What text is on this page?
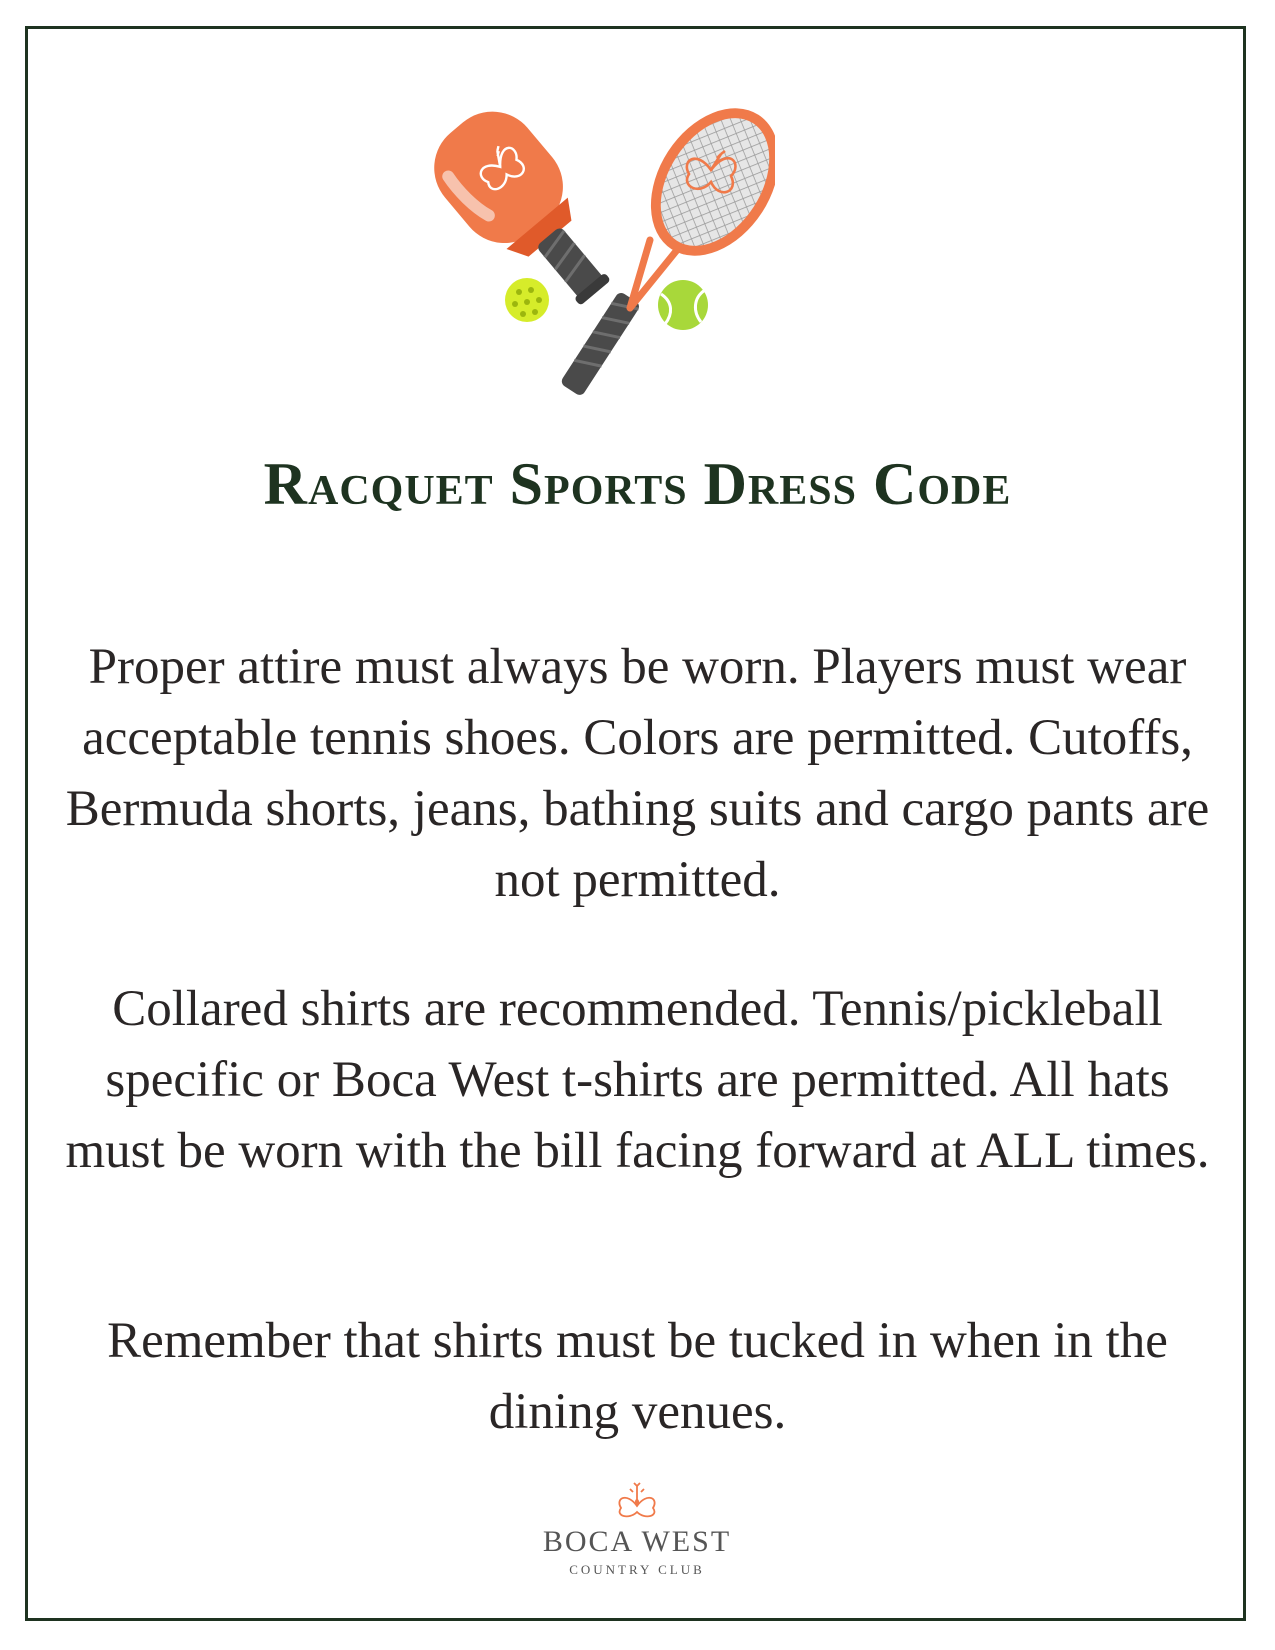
Racquet Sports Dress Code

Proper attire must always be worn. Players must wear acceptable tennis shoes. Colors are permitted. Cutoffs, Bermuda shorts, jeans, bathing suits and cargo pants are not permitted.

Collared shirts are recommended. Tennis/pickleball specific or Boca West t-shirts are permitted. All hats must be worn with the bill facing forward at ALL times.

Remember that shirts must be tucked in when in the dining venues.

BOCA WEST
COUNTRY CLUB
